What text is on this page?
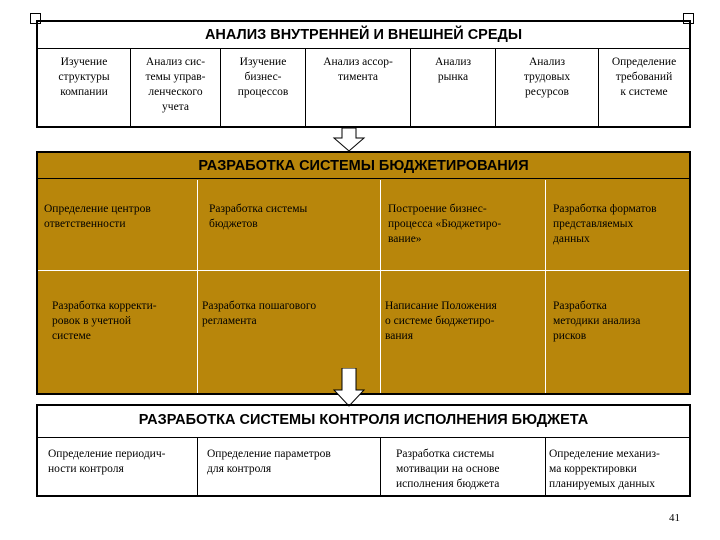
АНАЛИЗ ВНУТРЕННЕЙ И ВНЕШНЕЙ СРЕДЫ
Изучение
структуры
компании
Анализ сис-
темы управ-
ленческого
учета
Изучение
бизнес-
процессов
Анализ ассор-
тимента
Анализ
рынка
Анализ
трудовых
ресурсов
Определение
требований
к системе
РАЗРАБОТКА СИСТЕМЫ БЮДЖЕТИРОВАНИЯ
Определение центров
ответственности
Разработка системы
бюджетов
Построение бизнес-
процесса «Бюджетиро-
вание»
Разработка форматов
представляемых
данных
Разработка корректи-
ровок в учетной
системе
Разработка пошагового
регламента
Написание Положения
о системе бюджетиро-
вания
Разработка
методики анализа
рисков
РАЗРАБОТКА СИСТЕМЫ КОНТРОЛЯ ИСПОЛНЕНИЯ БЮДЖЕТА
Определение периодич-
ности контроля
Определение параметров
для контроля
Разработка системы
мотивации на основе
исполнения бюджета
Определение механиз-
ма корректировки
планируемых данных
41
